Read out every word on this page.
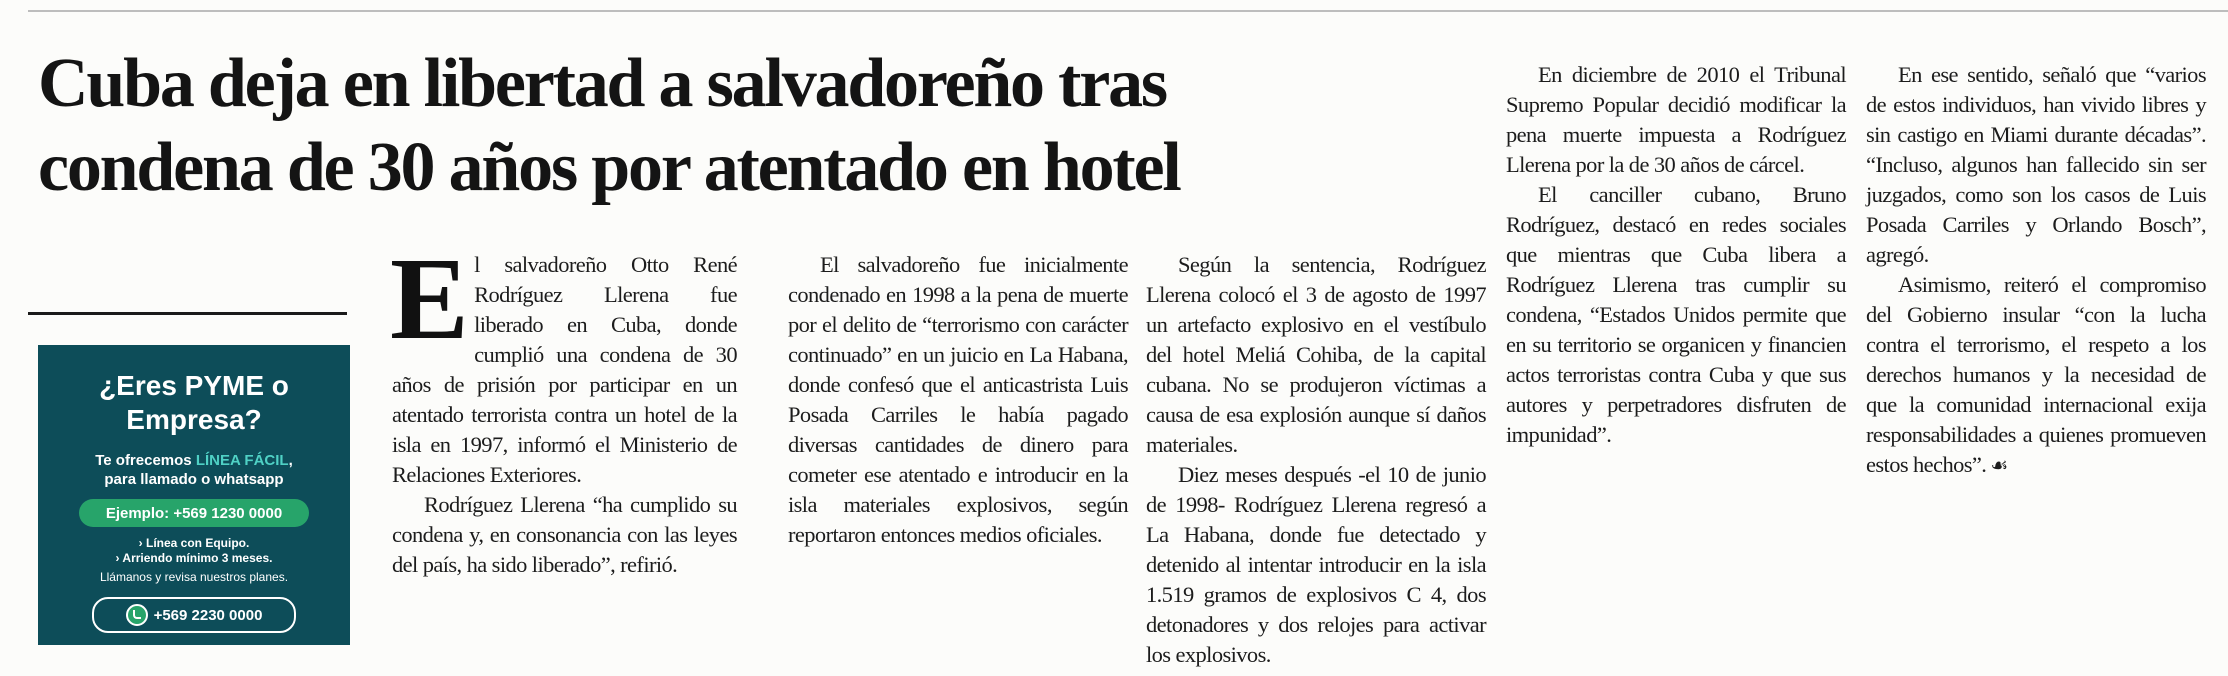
Cuba deja en libertad a salvadoreño tras
condena de 30 años por atentado en hotel
¿Eres PYME o
Empresa?
Te ofrecemos LÍNEA FÁCIL,
para llamado o whatsapp
Ejemplo: +569 1230 0000
› Línea con Equipo.
› Arriendo mínimo 3 meses.
Llámanos y revisa nuestros planes.
+569 2230 0000

El salvadoreño Otto René Rodríguez Llerena fue liberado en Cuba, donde cumplió una condena de 30 años de prisión por participar en un atentado terrorista contra un hotel de la isla en 1997, informó el Ministerio de Relaciones Exteriores.

Rodríguez Llerena “ha cumplido su condena y, en consonancia con las leyes del país, ha sido liberado”, refirió.

El salvadoreño fue inicialmente condenado en 1998 a la pena de muerte por el delito de “terrorismo con carácter continuado” en un juicio en La Habana, donde confesó que el anticastrista Luis Posada Carriles le había pagado diversas cantidades de dinero para cometer ese atentado e introducir en la isla materiales explosivos, según reportaron entonces medios oficiales.

Según la sentencia, Rodríguez Llerena colocó el 3 de agosto de 1997 un artefacto explosivo en el vestíbulo del hotel Meliá Cohiba, de la capital cubana. No se produjeron víctimas a causa de esa explosión aunque sí daños materiales.

Diez meses después -el 10 de junio de 1998- Rodríguez Llerena regresó a La Habana, donde fue detectado y detenido al intentar introducir en la isla 1.519 gramos de explosivos C 4, dos detonadores y dos relojes para activar los explosivos.

En diciembre de 2010 el Tribunal Supremo Popular decidió modificar la pena muerte impuesta a Rodríguez Llerena por la de 30 años de cárcel.

El canciller cubano, Bruno Rodríguez, destacó en redes sociales que mientras que Cuba libera a Rodríguez Llerena tras cumplir su condena, “Estados Unidos permite que en su territorio se organicen y financien actos terroristas contra Cuba y que sus autores y perpetradores disfruten de impunidad”.

En ese sentido, señaló que “varios de estos individuos, han vivido libres y sin castigo en Miami durante décadas”. “Incluso, algunos han fallecido sin ser juzgados, como son los casos de Luis Posada Carriles y Orlando Bosch”, agregó.

Asimismo, reiteró el compromiso del Gobierno insular “con la lucha contra el terrorismo, el respeto a los derechos humanos y la necesidad de que la comunidad internacional exija responsabilidades a quienes promueven estos hechos”. ☙
